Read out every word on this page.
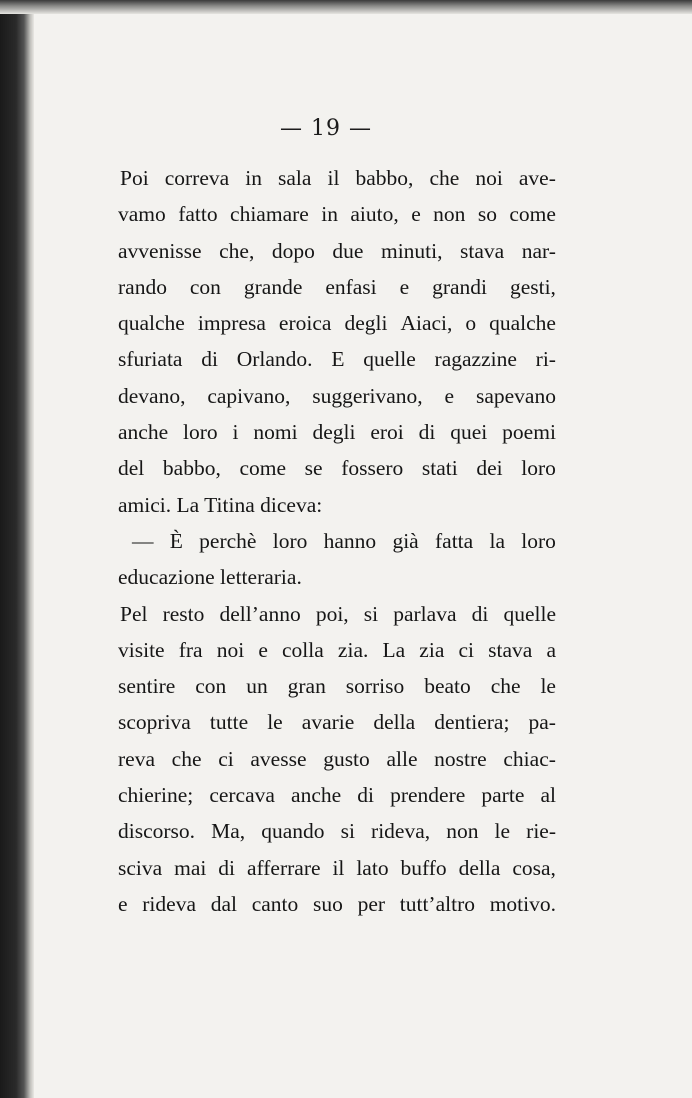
— 19 —
Poi correva in sala il babbo, che noi ave-
vamo fatto chiamare in aiuto, e non so come
avvenisse che, dopo due minuti, stava nar-
rando con grande enfasi e grandi gesti,
qualche impresa eroica degli Aiaci, o qualche
sfuriata di Orlando. E quelle ragazzine ri-
devano, capivano, suggerivano, e sapevano
anche loro i nomi degli eroi di quei poemi
del babbo, come se fossero stati dei loro
amici. La Titina diceva:
— È perchè loro hanno già fatta la loro
educazione letteraria.
Pel resto dell’anno poi, si parlava di quelle
visite fra noi e colla zia. La zia ci stava a
sentire con un gran sorriso beato che le
scopriva tutte le avarie della dentiera; pa-
reva che ci avesse gusto alle nostre chiac-
chierine; cercava anche di prendere parte al
discorso. Ma, quando si rideva, non le rie-
sciva mai di afferrare il lato buffo della cosa,
e rideva dal canto suo per tutt’altro motivo.
